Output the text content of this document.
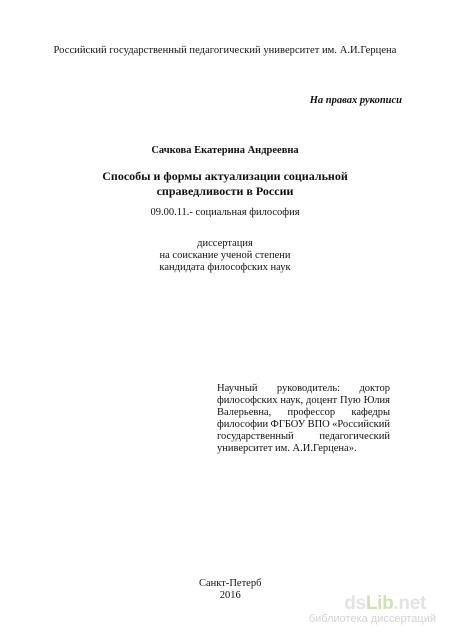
Российский государственный педагогический университет им. А.И.Герцена
На правах рукописи
Сачкова Екатерина Андреевна
Способы и формы актуализации социальной
справедливости в России
09.00.11.- социальная философия
диссертация
на соискание ученой степени
кандидата философских наук
Научный руководитель: доктор
философских наук, доцент Пую Юлия
Валерьевна, профессор кафедры
философии ФГБОУ ВПО «Российский
государственный педагогический
университет им. А.И.Герцена».
Санкт-Петерб
2016	dsLib.net
библиотека диссертаций
